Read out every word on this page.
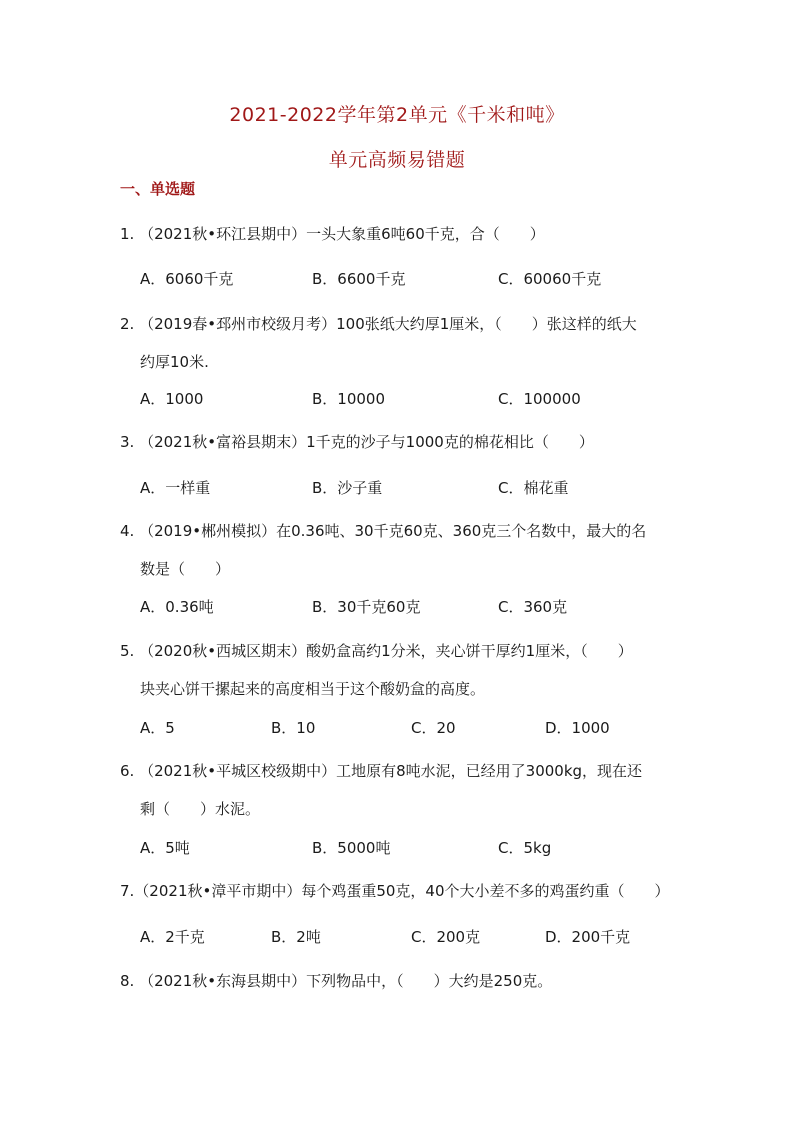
2021-2022学年第2单元《千米和吨》
单元高频易错题
一、单选题
1. （2021秋•环江县期中）一头大象重6吨60千克，合（　　）
A．6060千克	B．6600千克	C．60060千克
2. （2019春•邳州市校级月考）100张纸大约厚1厘米，（　　）张这样的纸大
约厚10米.
A．1000	B．10000	C．100000
3. （2021秋•富裕县期末）1千克的沙子与1000克的棉花相比（　　）
A．一样重	B．沙子重	C．棉花重
4. （2019•郴州模拟）在0.36吨、30千克60克、360克三个名数中，最大的名
数是（　　）
A．0.36吨	B．30千克60克	C．360克
5. （2020秋•西城区期末）酸奶盒高约1分米，夹心饼干厚约1厘米，（　　）
块夹心饼干摞起来的高度相当于这个酸奶盒的高度。
A．5	B．10	C．20	D．1000
6. （2021秋•平城区校级期中）工地原有8吨水泥，已经用了3000kg，现在还
剩（　　）水泥。
A．5吨	B．5000吨	C．5kg
7.（2021秋•漳平市期中）每个鸡蛋重50克，40个大小差不多的鸡蛋约重（　　）
A．2千克	B．2吨	C．200克	D．200千克
8. （2021秋•东海县期中）下列物品中，（　　）大约是250克。
